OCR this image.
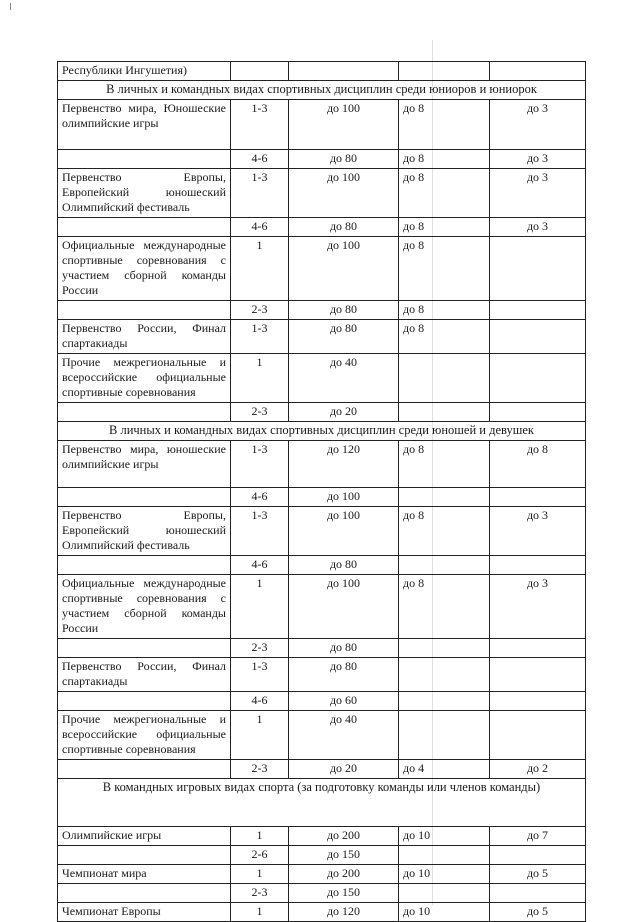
Республики Ингушетия)				
В личных и командных видах спортивных дисциплин среди юниоров и юниорок				
Первенство мира, Юношеские олимпийские игры	1-3	до 100	до 8	до 3
	4-6	до 80	до 8	до 3
Первенство Европы, Европейский юношеский Олимпийский фестиваль	1-3	до 100	до 8	до 3
	4-6	до 80	до 8	до 3
Официальные международные спортивные соревнования с участием сборной команды России	1	до 100	до 8	
	2-3	до 80	до 8	
Первенство России, Финал спартакиады	1-3	до 80	до 8	
Прочие межрегиональные и всероссийские официальные спортивные соревнования	1	до 40		
	2-3	до 20		
В личных и командных видах спортивных дисциплин среди юношей и девушек				
Первенство мира, юношеские олимпийские игры	1-3	до 120	до 8	до 8
	4-6	до 100		
Первенство Европы, Европейский юношеский Олимпийский фестиваль	1-3	до 100	до 8	до 3
	4-6	до 80		
Официальные международные спортивные соревнования с участием сборной команды России	1	до 100	до 8	до 3
	2-3	до 80		
Первенство России, Финал спартакиады	1-3	до 80		
	4-6	до 60		
Прочие межрегиональные и всероссийские официальные спортивные соревнования	1	до 40		
	2-3	до 20	до 4	до 2
В командных игровых видах спорта (за подготовку команды или членов команды)				
Олимпийские игры	1	до 200	до 10	до 7
	2-6	до 150		
Чемпионат мира	1	до 200	до 10	до 5
	2-3	до 150		
Чемпионат Европы	1	до 120	до 10	до 5
